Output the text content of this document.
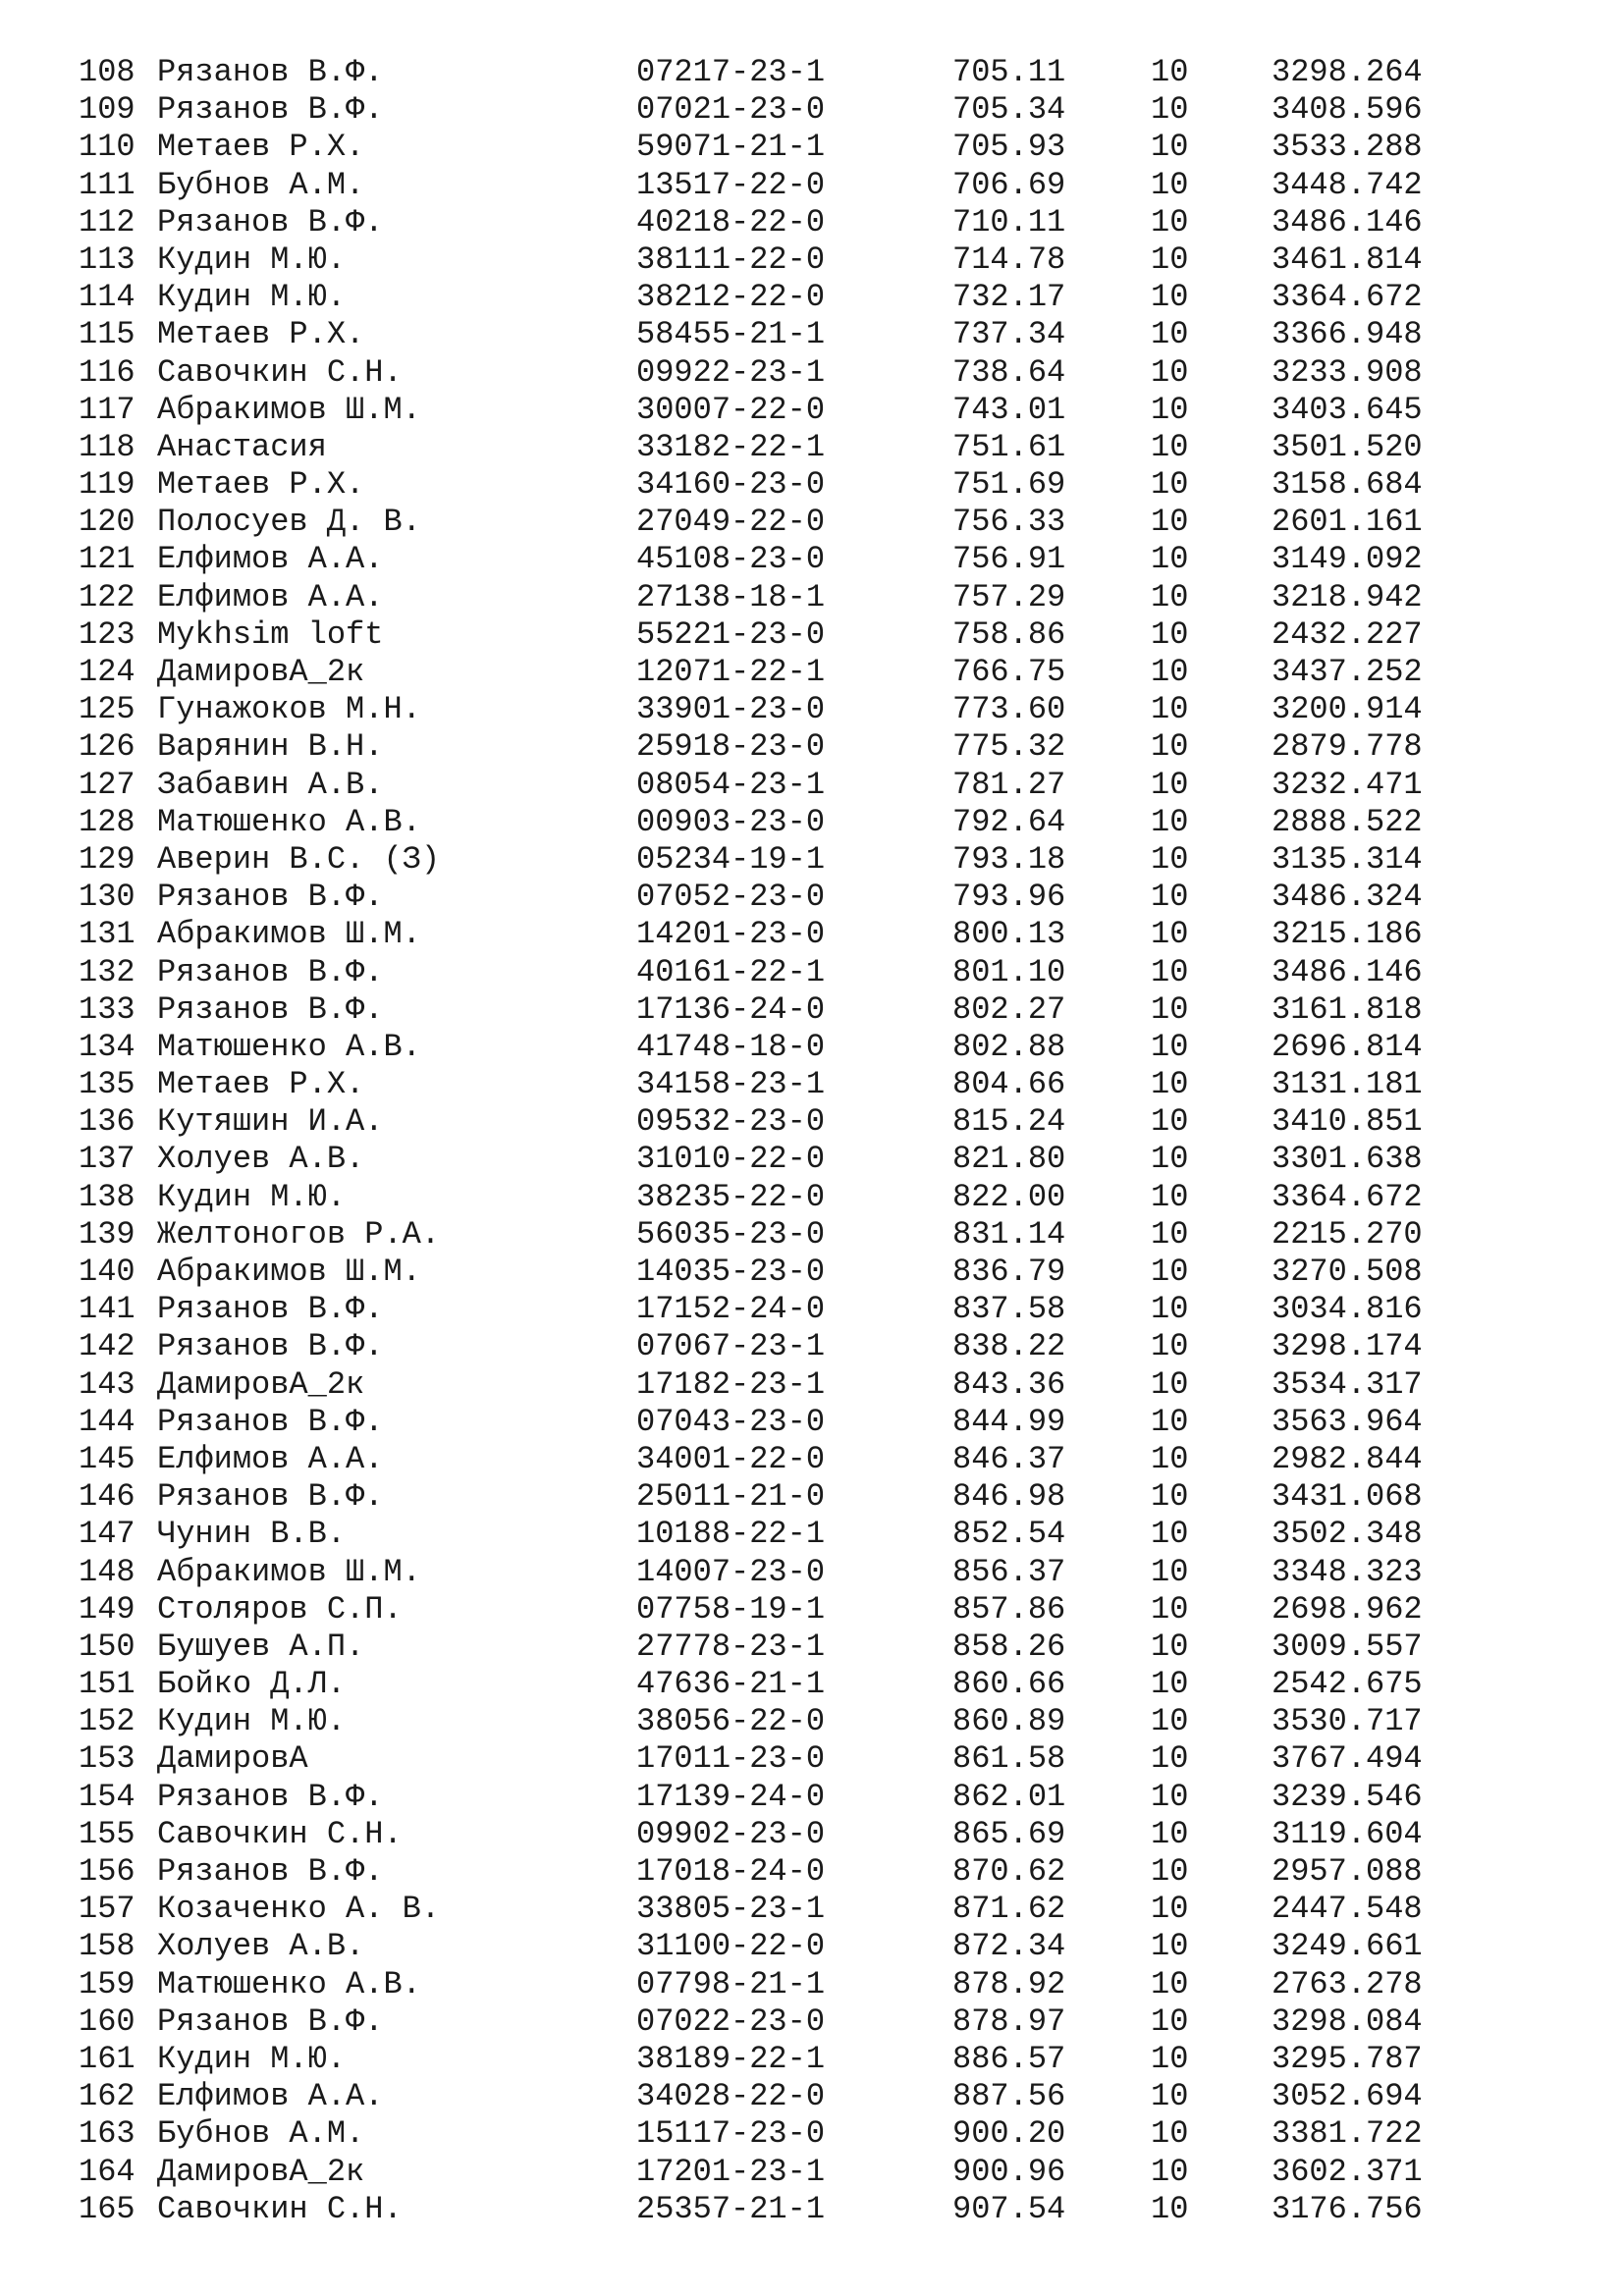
108 Рязанов В.Ф.	07217-23-1	705.11	10	3298.264
109 Рязанов В.Ф.	07021-23-0	705.34	10	3408.596
110 Метаев Р.Х.	59071-21-1	705.93	10	3533.288
111 Бубнов А.М.	13517-22-0	706.69	10	3448.742
112 Рязанов В.Ф.	40218-22-0	710.11	10	3486.146
113 Кудин М.Ю.	38111-22-0	714.78	10	3461.814
114 Кудин М.Ю.	38212-22-0	732.17	10	3364.672
115 Метаев Р.Х.	58455-21-1	737.34	10	3366.948
116 Савочкин С.Н.	09922-23-1	738.64	10	3233.908
117 Абракимов Ш.М.	30007-22-0	743.01	10	3403.645
118 Анастасия	33182-22-1	751.61	10	3501.520
119 Метаев Р.Х.	34160-23-0	751.69	10	3158.684
120 Полосуев Д. В.	27049-22-0	756.33	10	2601.161
121 Елфимов А.А.	45108-23-0	756.91	10	3149.092
122 Елфимов А.А.	27138-18-1	757.29	10	3218.942
123 Mykhsim loft	55221-23-0	758.86	10	2432.227
124 ДамировА_2к	12071-22-1	766.75	10	3437.252
125 Гунажоков М.Н.	33901-23-0	773.60	10	3200.914
126 Варянин В.Н.	25918-23-0	775.32	10	2879.778
127 Забавин А.В.	08054-23-1	781.27	10	3232.471
128 Матюшенко А.В.	00903-23-0	792.64	10	2888.522
129 Аверин В.С. (З)	05234-19-1	793.18	10	3135.314
130 Рязанов В.Ф.	07052-23-0	793.96	10	3486.324
131 Абракимов Ш.М.	14201-23-0	800.13	10	3215.186
132 Рязанов В.Ф.	40161-22-1	801.10	10	3486.146
133 Рязанов В.Ф.	17136-24-0	802.27	10	3161.818
134 Матюшенко А.В.	41748-18-0	802.88	10	2696.814
135 Метаев Р.Х.	34158-23-1	804.66	10	3131.181
136 Кутяшин И.А.	09532-23-0	815.24	10	3410.851
137 Холуев А.В.	31010-22-0	821.80	10	3301.638
138 Кудин М.Ю.	38235-22-0	822.00	10	3364.672
139 Желтоногов Р.А.	56035-23-0	831.14	10	2215.270
140 Абракимов Ш.М.	14035-23-0	836.79	10	3270.508
141 Рязанов В.Ф.	17152-24-0	837.58	10	3034.816
142 Рязанов В.Ф.	07067-23-1	838.22	10	3298.174
143 ДамировА_2к	17182-23-1	843.36	10	3534.317
144 Рязанов В.Ф.	07043-23-0	844.99	10	3563.964
145 Елфимов А.А.	34001-22-0	846.37	10	2982.844
146 Рязанов В.Ф.	25011-21-0	846.98	10	3431.068
147 Чунин В.В.	10188-22-1	852.54	10	3502.348
148 Абракимов Ш.М.	14007-23-0	856.37	10	3348.323
149 Столяров С.П.	07758-19-1	857.86	10	2698.962
150 Бушуев А.П.	27778-23-1	858.26	10	3009.557
151 Бойко Д.Л.	47636-21-1	860.66	10	2542.675
152 Кудин М.Ю.	38056-22-0	860.89	10	3530.717
153 ДамировА	17011-23-0	861.58	10	3767.494
154 Рязанов В.Ф.	17139-24-0	862.01	10	3239.546
155 Савочкин С.Н.	09902-23-0	865.69	10	3119.604
156 Рязанов В.Ф.	17018-24-0	870.62	10	2957.088
157 Козаченко А. В.	33805-23-1	871.62	10	2447.548
158 Холуев А.В.	31100-22-0	872.34	10	3249.661
159 Матюшенко А.В.	07798-21-1	878.92	10	2763.278
160 Рязанов В.Ф.	07022-23-0	878.97	10	3298.084
161 Кудин М.Ю.	38189-22-1	886.57	10	3295.787
162 Елфимов А.А.	34028-22-0	887.56	10	3052.694
163 Бубнов А.М.	15117-23-0	900.20	10	3381.722
164 ДамировА_2к	17201-23-1	900.96	10	3602.371
165 Савочкин С.Н.	25357-21-1	907.54	10	3176.756
